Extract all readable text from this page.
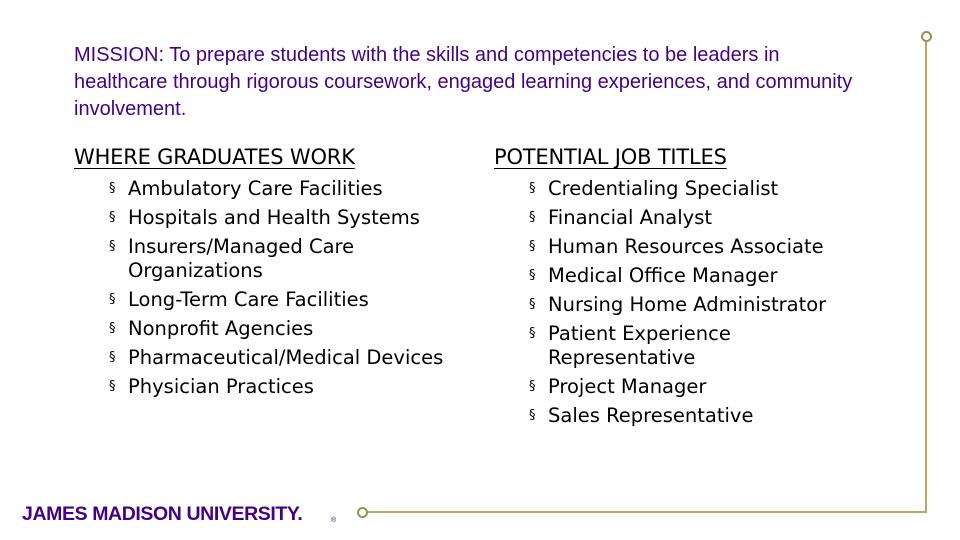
MISSION: To prepare students with the skills and competencies to be leaders in healthcare through rigorous coursework, engaged learning experiences, and community involvement.
WHERE GRADUATES WORK
§ Ambulatory Care Facilities
§ Hospitals and Health Systems
§ Insurers/Managed Care Organizations
§ Long-Term Care Facilities
§ Nonprofit Agencies
§ Pharmaceutical/Medical Devices
§ Physician Practices
POTENTIAL JOB TITLES
§ Credentialing Specialist
§ Financial Analyst
§ Human Resources Associate
§ Medical Office Manager
§ Nursing Home Administrator
§ Patient Experience Representative
§ Project Manager
§ Sales Representative
JAMES MADISON UNIVERSITY.	®
